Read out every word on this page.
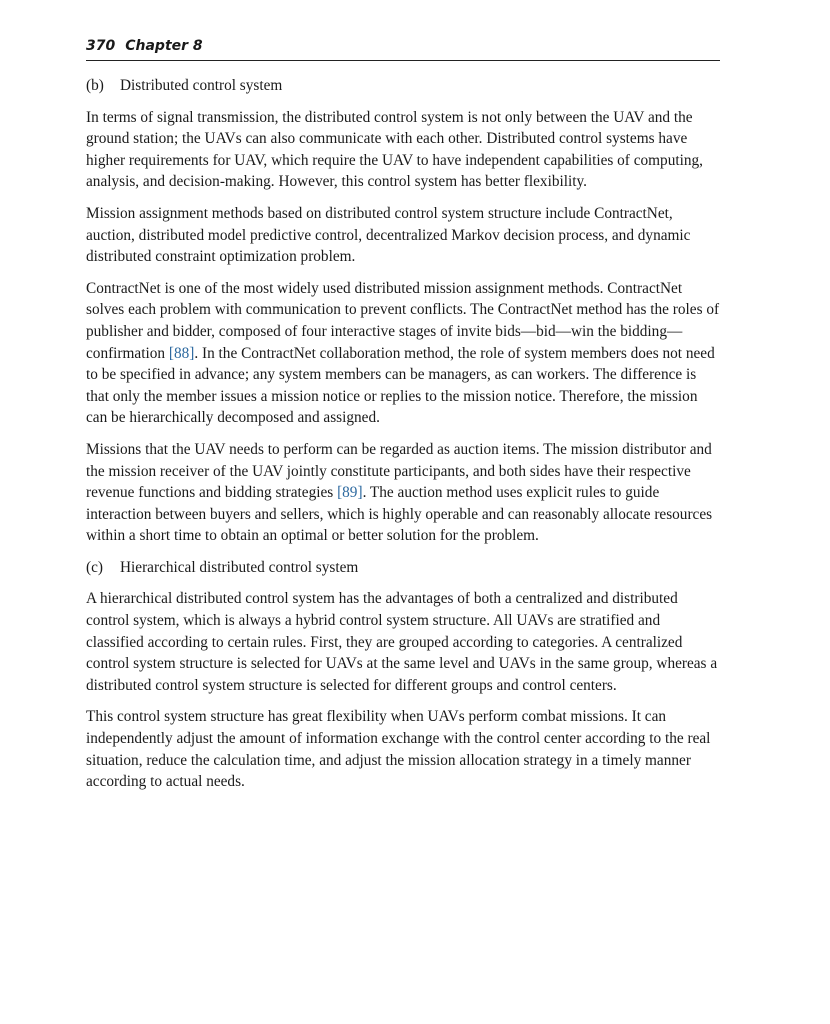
370 Chapter 8
(b) Distributed control system

In terms of signal transmission, the distributed control system is not only between the UAV and the ground station; the UAVs can also communicate with each other. Distributed control systems have higher requirements for UAV, which require the UAV to have independent capabilities of computing, analysis, and decision-making. However, this control system has better flexibility.

Mission assignment methods based on distributed control system structure include ContractNet, auction, distributed model predictive control, decentralized Markov decision process, and dynamic distributed constraint optimization problem.

ContractNet is one of the most widely used distributed mission assignment methods. ContractNet solves each problem with communication to prevent conflicts. The ContractNet method has the roles of publisher and bidder, composed of four interactive stages of invite bids—bid—win the bidding—confirmation [88]. In the ContractNet collaboration method, the role of system members does not need to be specified in advance; any system members can be managers, as can workers. The difference is that only the member issues a mission notice or replies to the mission notice. Therefore, the mission can be hierarchically decomposed and assigned.

Missions that the UAV needs to perform can be regarded as auction items. The mission distributor and the mission receiver of the UAV jointly constitute participants, and both sides have their respective revenue functions and bidding strategies [89]. The auction method uses explicit rules to guide interaction between buyers and sellers, which is highly operable and can reasonably allocate resources within a short time to obtain an optimal or better solution for the problem.

(c) Hierarchical distributed control system

A hierarchical distributed control system has the advantages of both a centralized and distributed control system, which is always a hybrid control system structure. All UAVs are stratified and classified according to certain rules. First, they are grouped according to categories. A centralized control system structure is selected for UAVs at the same level and UAVs in the same group, whereas a distributed control system structure is selected for different groups and control centers.

This control system structure has great flexibility when UAVs perform combat missions. It can independently adjust the amount of information exchange with the control center according to the real situation, reduce the calculation time, and adjust the mission allocation strategy in a timely manner according to actual needs.
